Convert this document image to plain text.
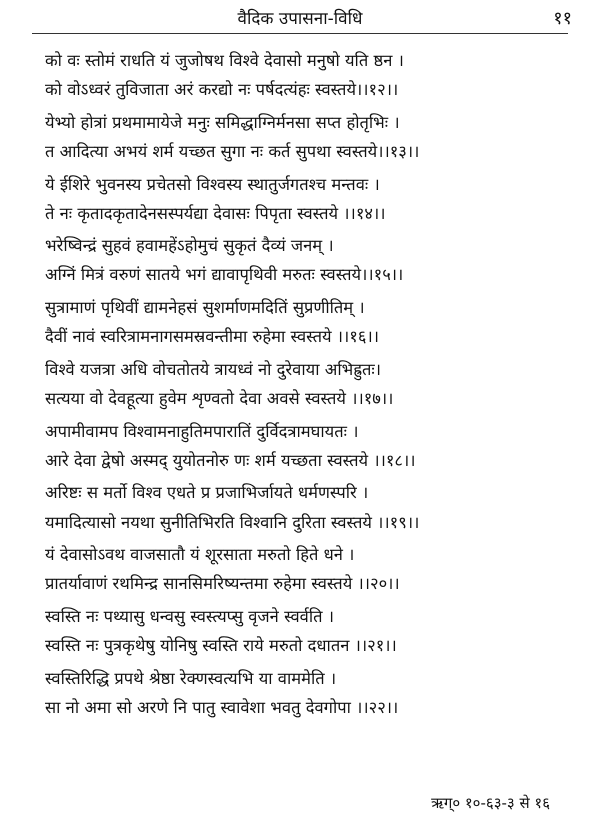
वैदिक उपासना-विधि	११
को वः स्तोमं राधति यं जुजोषथ विश्वे देवासो मनुषो यति ष्ठन ।
को वोऽध्वरं तुविजाता अरं करद्यो नः पर्षदत्यंहः स्वस्तये।।१२।।
येभ्यो होत्रां प्रथमामायेजे मनुः समिद्धाग्निर्मनसा सप्त होतृभिः ।
त आदित्या अभयं शर्म यच्छत सुगा नः कर्त सुपथा स्वस्तये।।१३।।
ये ईशिरे भुवनस्य प्रचेतसो विश्वस्य स्थातुर्जगतश्च मन्तवः ।
ते नः कृतादकृतादेनसस्पर्यद्या देवासः पिपृता स्वस्तये ।।१४।।
भरेष्विन्द्रं सुहवं हवामहेंऽहोमुचं सुकृतं दैव्यं जनम् ।
अग्निं मित्रं वरुणं सातये भगं द्यावापृथिवी मरुतः स्वस्तये।।१५।।
सुत्रामाणं पृथिवीं द्यामनेहसं सुशर्माणमदितिं सुप्रणीतिम् ।
दैवीं नावं स्वरित्रामनागसमस्रवन्तीमा रुहेमा स्वस्तये ।।१६।।
विश्वे यजत्रा अधि वोचतोतये त्रायध्वं नो दुरेवाया अभिह्रुतः।
सत्यया वो देवहूत्या हुवेम शृण्वतो देवा अवसे स्वस्तये ।।१७।।
अपामीवामप विश्वामनाहुतिमपारातिं दुर्विदत्रामघायतः ।
आरे देवा द्वेषो अस्मद् युयोतनोरु णः शर्म यच्छता स्वस्तये ।।१८।।
अरिष्टः स मर्तो विश्व एधते प्र प्रजाभिर्जायते धर्मणस्परि ।
यमादित्यासो नयथा सुनीतिभिरति विश्वानि दुरिता स्वस्तये ।।१९।।
यं देवासोऽवथ वाजसातौ यं शूरसाता मरुतो हिते धने ।
प्रातर्यावाणं रथमिन्द्र सानसिमरिष्यन्तमा रुहेमा स्वस्तये ।।२०।।
स्वस्ति नः पथ्यासु धन्वसु स्वस्त्यप्सु वृजने स्वर्वति ।
स्वस्ति नः पुत्रकृथेषु योनिषु स्वस्ति राये मरुतो दधातन ।।२१।।
स्वस्तिरिद्धि प्रपथे श्रेष्ठा रेक्णस्वत्यभि या वाममेति ।
सा नो अमा सो अरणे नि पातु स्वावेशा भवतु देवगोपा ।।२२।।
ऋग्० १०-६३-३ से १६
